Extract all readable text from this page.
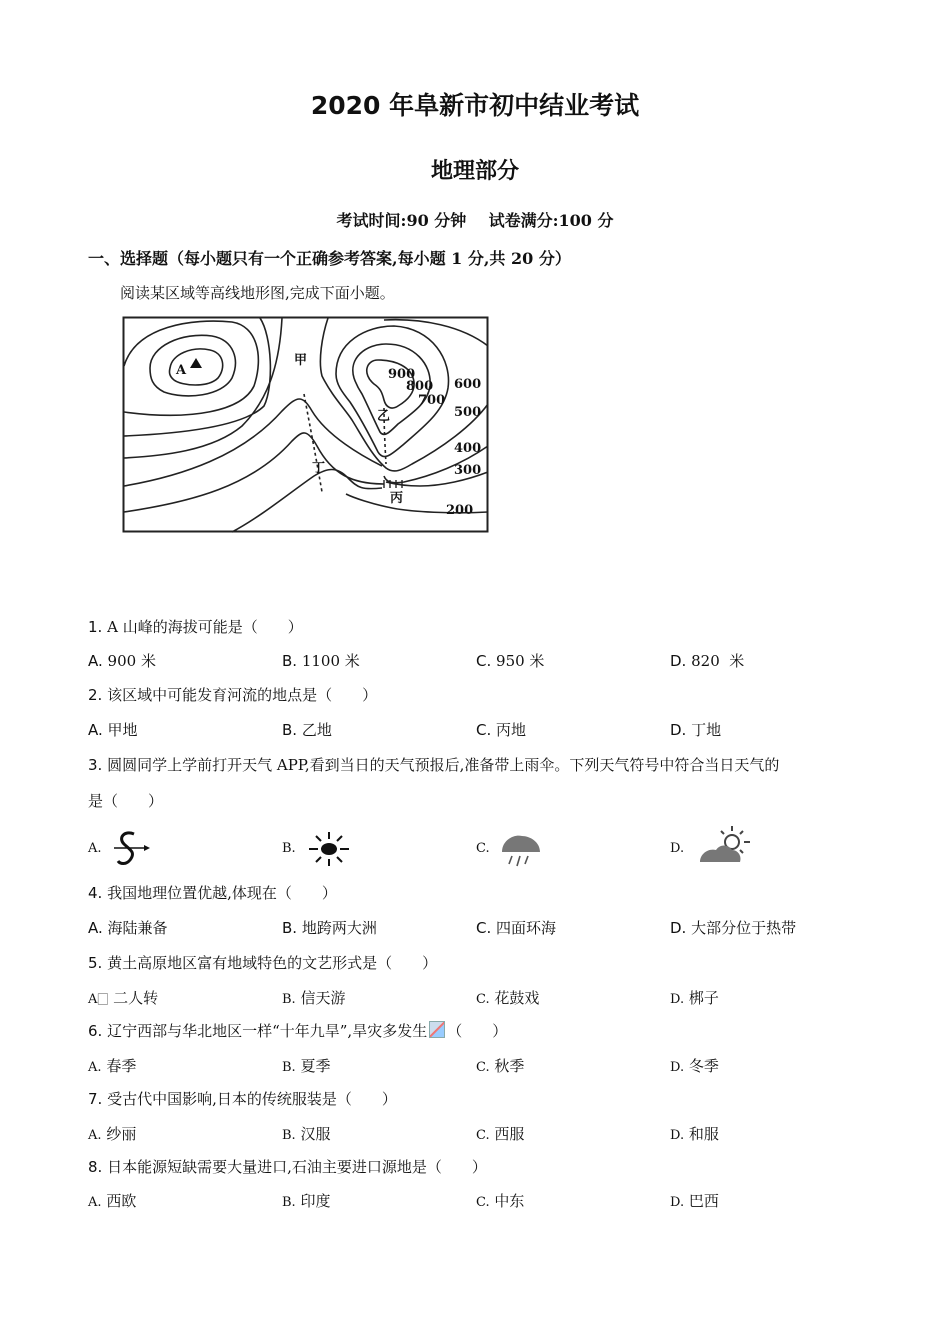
2020 年阜新市初中结业考试
地理部分
考试时间:90 分钟    试卷满分:100 分
一、选择题（每小题只有一个正确参考答案,每小题 1 分,共 20 分）
阅读某区域等高线地形图,完成下面小题。
A
甲
乙
丙
丁
900
800
700
600
500
400
300
200
1. A 山峰的海拔可能是（　　）
A. 900 米	B. 1100 米	C. 950 米	D. 820  米
2. 该区域中可能发育河流的地点是（　　）
A. 甲地	B. 乙地	C. 丙地	D. 丁地
3. 圆圆同学上学前打开天气 APP,看到当日的天气预报后,准备带上雨伞。下列天气符号中符合当日天气的
是（　　）
A.	B.	C.	D.
4. 我国地理位置优越,体现在（　　）
A. 海陆兼备	B. 地跨两大洲	C. 四面环海	D. 大部分位于热带
5. 黄土高原地区富有地域特色的文艺形式是（　　）
A⃞ 二人转	B. 信天游	C. 花鼓戏	D. 梆子
6. 辽宁西部与华北地区一样“十年九旱”,旱灾多发生 （　　）
A. 春季	B. 夏季	C. 秋季	D. 冬季
7. 受古代中国影响,日本的传统服装是（　　）
A. 纱丽	B. 汉服	C. 西服	D. 和服
8. 日本能源短缺需要大量进口,石油主要进口源地是（　　）
A. 西欧	B. 印度	C. 中东	D. 巴西
